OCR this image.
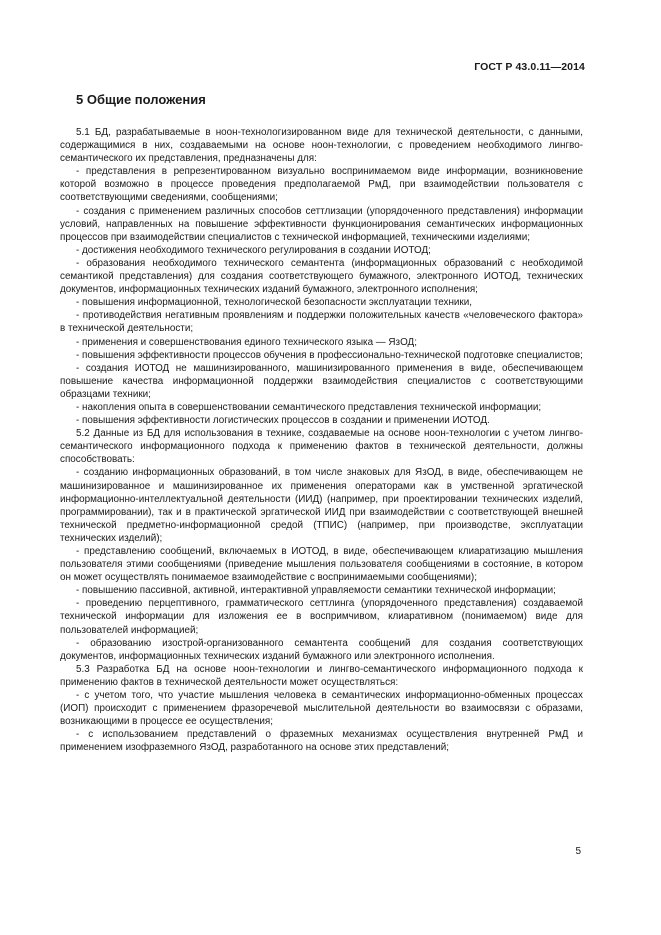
ГОСТ Р 43.0.11—2014
5 Общие положения

5.1 БД, разрабатываемые в ноон-технологизированном виде для технической деятельности, с данными, содержащимися в них, создаваемыми на основе ноон-технологии, с проведением необходимого лингво-семантического их представления, предназначены для:

- представления в репрезентированном визуально воспринимаемом виде информации, возникновение которой возможно в процессе проведения предполагаемой РмД, при взаимодействии пользователя с соответствующими сведениями, сообщениями;

- создания с применением различных способов сеттлизации (упорядоченного представления) информации условий, направленных на повышение эффективности функционирования семантических информационных процессов при взаимодействии специалистов с технической информацией, техническими изделиями;

- достижения необходимого технического регулирования в создании ИОТОД;

- образования необходимого технического семантента (информационных образований с необходимой семантикой представления) для создания соответствующего бумажного, электронного ИОТОД, технических документов, информационных технических изданий бумажного, электронного исполнения;

- повышения информационной, технологической безопасности эксплуатации техники,

- противодействия негативным проявлениям и поддержки положительных качеств «человеческого фактора» в технической деятельности;

- применения и совершенствования единого технического языка — ЯзОД;

- повышения эффективности процессов обучения в профессионально-технической подготовке специалистов;

- создания ИОТОД не машинизированного, машинизированного применения в виде, обеспечивающем повышение качества информационной поддержки взаимодействия специалистов с соответствующими образцами техники;

- накопления опыта в совершенствовании семантического представления технической информации;

- повышения эффективности логистических процессов в создании и применении ИОТОД.

5.2 Данные из БД для использования в технике, создаваемые на основе ноон-технологии с учетом лингво-семантического информационного подхода к применению фактов в технической деятельности, должны способствовать:

- созданию информационных образований, в том числе знаковых для ЯзОД, в виде, обеспечивающем не машинизированное и машинизированное их применения операторами как в умственной эргатической информационно-интеллектуальной деятельности (ИИД) (например, при проектировании технических изделий, программировании), так и в практической эргатической ИИД при взаимодействии с соответствующей внешней технической предметно-информационной средой (ТПИС) (например, при производстве, эксплуатации технических изделий);

- представлению сообщений, включаемых в ИОТОД, в виде, обеспечивающем клиаратизацию мышления пользователя этими сообщениями (приведение мышления пользователя сообщениями в состояние, в котором он может осуществлять понимаемое взаимодействие с воспринимаемыми сообщениями);

- повышению пассивной, активной, интерактивной управляемости семантики технической информации;

- проведению перцептивного, грамматического сеттлинга (упорядоченного представления) создаваемой технической информации для изложения ее в воспримчивом, клиаративном (понимаемом) виде для пользователей информацией;

- образованию изострой-организованного семантента сообщений для создания соответствующих документов, информационных технических изданий бумажного или электронного исполнения.

5.3 Разработка БД на основе ноон-технологии и лингво-семантического информационного подхода к применению фактов в технической деятельности может осуществляться:

- с учетом того, что участие мышления человека в семантических информационно-обменных процессах (ИОП) происходит с применением фразоречевой мыслительной деятельности во взаимосвязи с образами, возникающими в процессе ее осуществления;

- с использованием представлений о фраземных механизмах осуществления внутренней РмД и применением изофраземного ЯзОД, разработанного на основе этих представлений;

5
